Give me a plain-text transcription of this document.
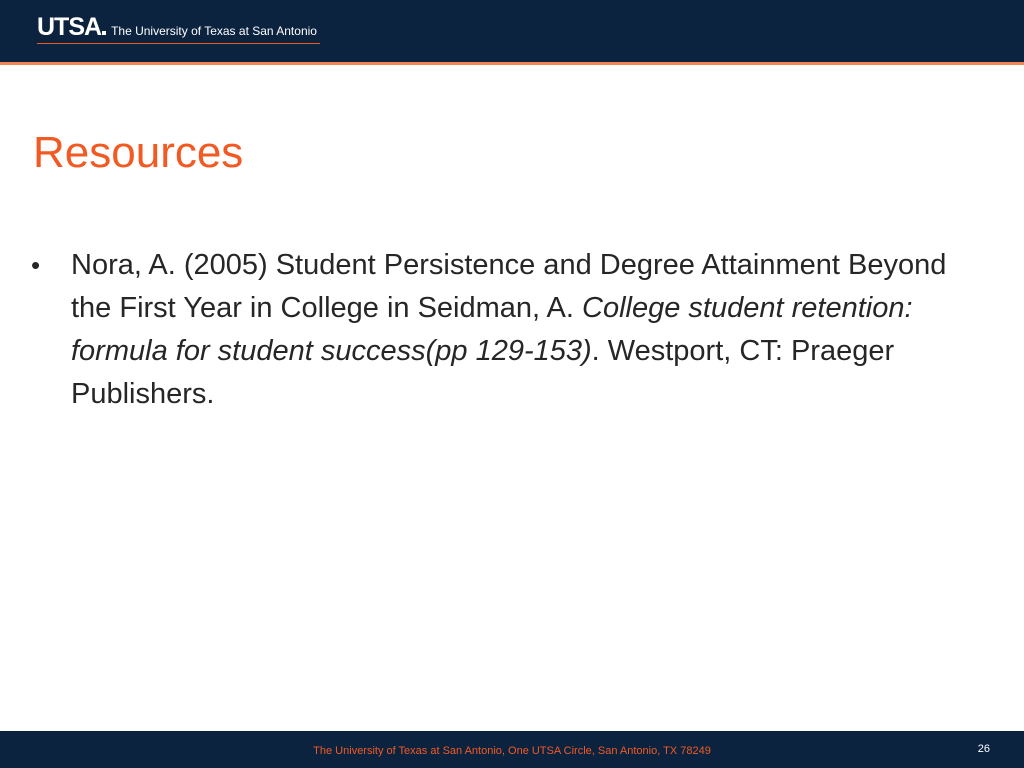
UTSA The University of Texas at San Antonio
Resources
• Nora, A. (2005) Student Persistence and Degree Attainment Beyond the First Year in College in Seidman, A. College student retention: formula for student success(pp 129-153). Westport, CT: Praeger Publishers.
The University of Texas at San Antonio, One UTSA Circle, San Antonio, TX 78249	26
